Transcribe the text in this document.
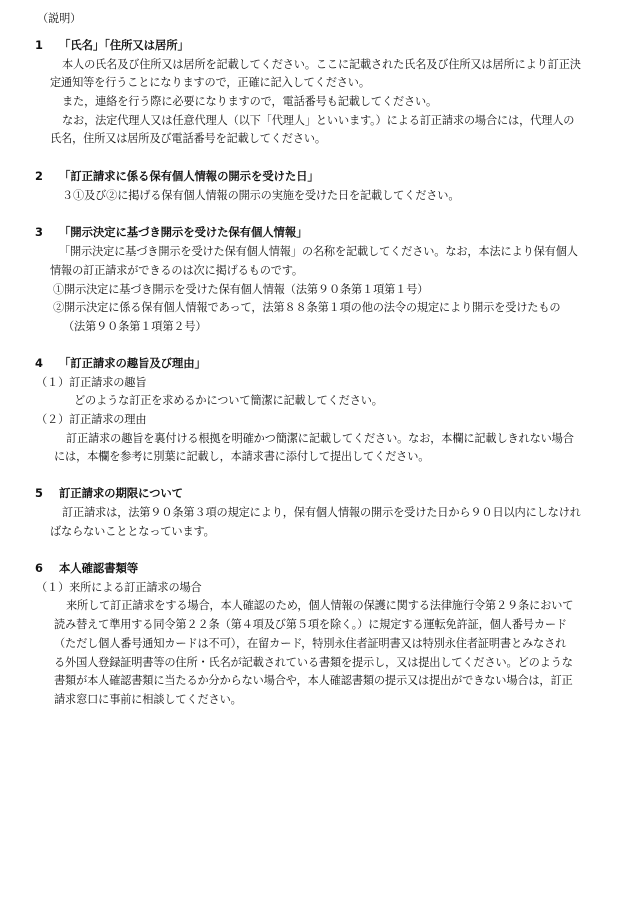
（説明）
1 「氏名」「住所又は居所」
本人の氏名及び住所又は居所を記載してください。ここに記載された氏名及び住所又は居所により訂正決
定通知等を行うことになりますので，正確に記入してください。
また，連絡を行う際に必要になりますので，電話番号も記載してください。
なお，法定代理人又は任意代理人（以下「代理人」といいます。）による訂正請求の場合には，代理人の
氏名，住所又は居所及び電話番号を記載してください。
2 「訂正請求に係る保有個人情報の開示を受けた日」
３①及び②に掲げる保有個人情報の開示の実施を受けた日を記載してください。
3 「開示決定に基づき開示を受けた保有個人情報」
「開示決定に基づき開示を受けた保有個人情報」の名称を記載してください。なお，本法により保有個人
情報の訂正請求ができるのは次に掲げるものです。
①開示決定に基づき開示を受けた保有個人情報（法第９０条第１項第１号）
②開示決定に係る保有個人情報であって，法第８８条第１項の他の法令の規定により開示を受けたもの
（法第９０条第１項第２号）
4 「訂正請求の趣旨及び理由」
（１）訂正請求の趣旨
どのような訂正を求めるかについて簡潔に記載してください。
（２）訂正請求の理由
訂正請求の趣旨を裏付ける根拠を明確かつ簡潔に記載してください。なお，本欄に記載しきれない場合
には，本欄を参考に別葉に記載し，本請求書に添付して提出してください。
5 訂正請求の期限について
訂正請求は，法第９０条第３項の規定により，保有個人情報の開示を受けた日から９０日以内にしなけれ
ばならないこととなっています。
6 本人確認書類等
（１）来所による訂正請求の場合
来所して訂正請求をする場合，本人確認のため，個人情報の保護に関する法律施行令第２９条において
読み替えて準用する同令第２２条（第４項及び第５項を除く。）に規定する運転免許証，個人番号カード
（ただし個人番号通知カードは不可），在留カード，特別永住者証明書又は特別永住者証明書とみなされ
る外国人登録証明書等の住所・氏名が記載されている書類を提示し，又は提出してください。どのような
書類が本人確認書類に当たるか分からない場合や，本人確認書類の提示又は提出ができない場合は，訂正
請求窓口に事前に相談してください。
